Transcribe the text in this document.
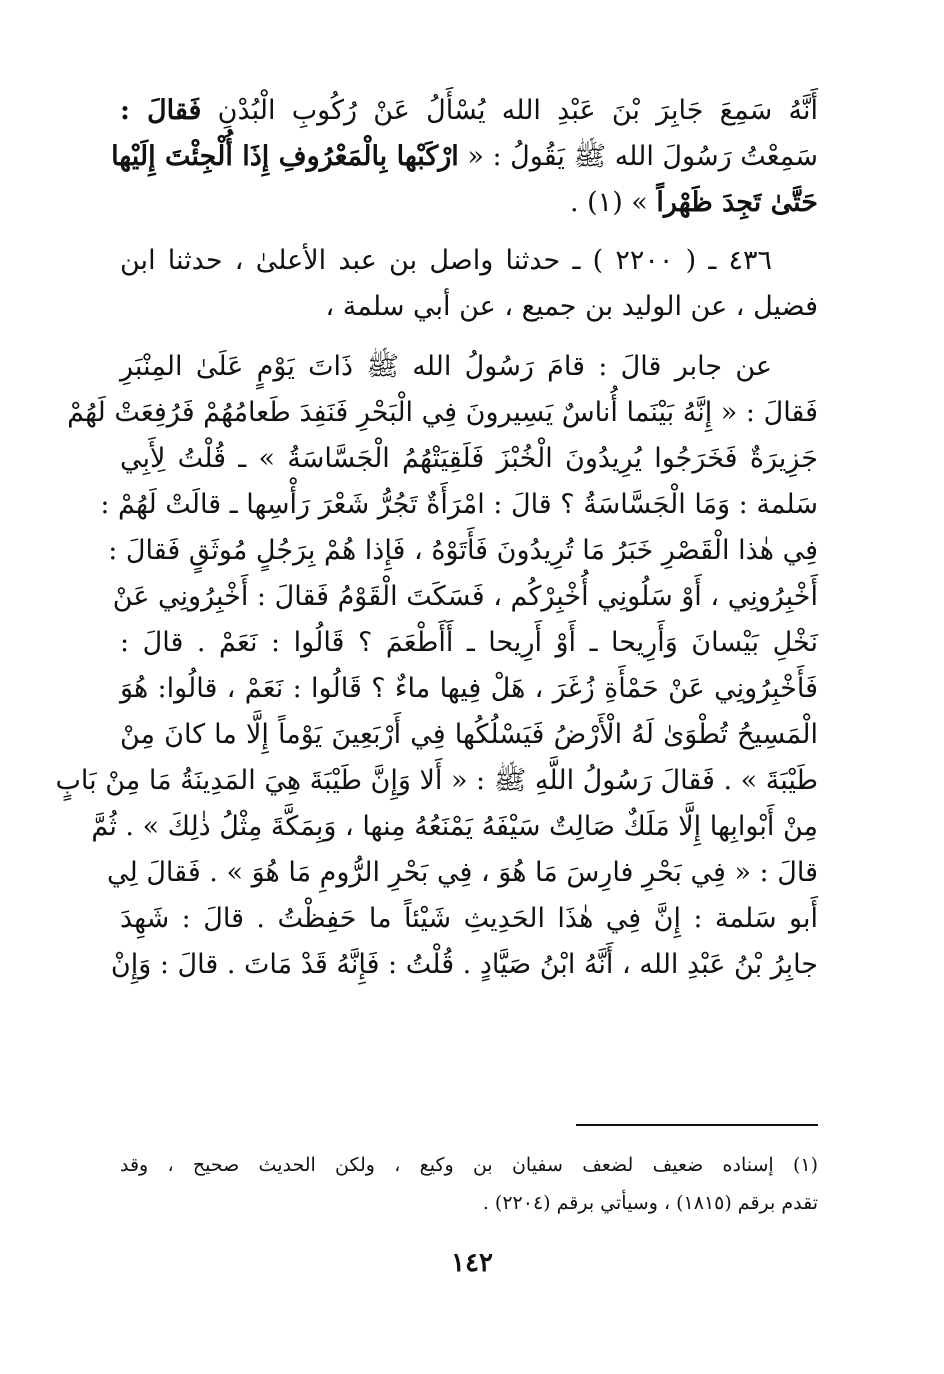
أَنَّهُ سَمِعَ جَابِرَ بْنَ عَبْدِ الله يُسْأَلُ عَنْ رُكُوبِ الْبُدْنِ فَقالَ :
سَمِعْتُ رَسُولَ الله ﷺ يَقُولُ : « ارْكَبْها بِالْمَعْرُوفِ إِذَا أُلْجِئْتَ إِلَيْها
حَتَّىٰ تَجِدَ ظَهْراً » (١) .
٤٣٦ ـ ( ٢٢٠٠ ) ـ حدثنا واصل بن عبد الأعلىٰ ، حدثنا ابن
فضيل ، عن الوليد بن جميع ، عن أبي سلمة ،
عن جابر قالَ : قامَ رَسُولُ الله ﷺ ذَاتَ يَوْمٍ عَلَىٰ المِنْبَرِ
فَقالَ : « إِنَّهُ بَيْنَما أُناسٌ يَسِيرونَ فِي الْبَحْرِ فَنَفِدَ طَعامُهُمْ فَرُفِعَتْ لَهُمْ
جَزِيرَةٌ فَخَرَجُوا يُرِيدُونَ الْخُبْزَ فَلَقِيَتْهُمُ الْجَسَّاسَةُ » ـ قُلْتُ لِأَبِي
سَلمة : وَمَا الْجَسَّاسَةُ ؟ قالَ : امْرَأَةٌ تَجُرُّ شَعْرَ رَأْسِها ـ قالَتْ لَهُمْ :
فِي هٰذا الْقَصْرِ خَبَرُ مَا تُرِيدُونَ فَأَتَوْهُ ، فَإِذا هُمْ بِرَجُلٍ مُوثَقٍ فَقالَ :
أَخْبِرُونِي ، أَوْ سَلُونِي أُخْبِرْكُم ، فَسَكَتَ الْقَوْمُ فَقالَ : أَخْبِرُونِي عَنْ
نَخْلِ بَيْسانَ وَأَرِيحا ـ أَوْ أَرِيحا ـ أَأَطْعَمَ ؟ قَالُوا : نَعَمْ . قالَ :
فَأَخْبِرُونِي عَنْ حَمْأَةِ زُغَرَ ، هَلْ فِيها ماءٌ ؟ قَالُوا : نَعَمْ ، قالُوا: هُوَ
الْمَسِيحُ تُطْوَىٰ لَهُ الْأَرْضُ فَيَسْلُكُها فِي أَرْبَعِينَ يَوْماً إِلَّا ما كانَ مِنْ
طَيْبَةَ » . فَقالَ رَسُولُ اللَّهِ ﷺ : « أَلا وَإِنَّ طَيْبَةَ هِيَ المَدِينَةُ مَا مِنْ بَابٍ
مِنْ أَبْوابِها إِلَّا مَلَكٌ صَالِتٌ سَيْفَهُ يَمْنَعُهُ مِنها ، وَبِمَكَّةَ مِثْلُ ذٰلِكَ » . ثُمَّ
قالَ : « فِي بَحْرِ فارِسَ مَا هُوَ ، فِي بَحْرِ الرُّومِ مَا هُوَ » . فَقالَ لِي
أَبو سَلمة : إِنَّ فِي هٰذَا الحَدِيثِ شَيْئاً ما حَفِظْتُ . قالَ : شَهِدَ
جابِرُ بْنُ عَبْدِ الله ، أَنَّهُ ابْنُ صَيَّادٍ . قُلْتُ : فَإِنَّهُ قَدْ مَاتَ . قالَ : وَإِنْ
(١) إسناده ضعيف لضعف سفيان بن وكيع ، ولكن الحديث صحيح ، وقد
تقدم برقم (١٨١٥) ، وسيأتي برقم (٢٢٠٤) .
١٤٢
